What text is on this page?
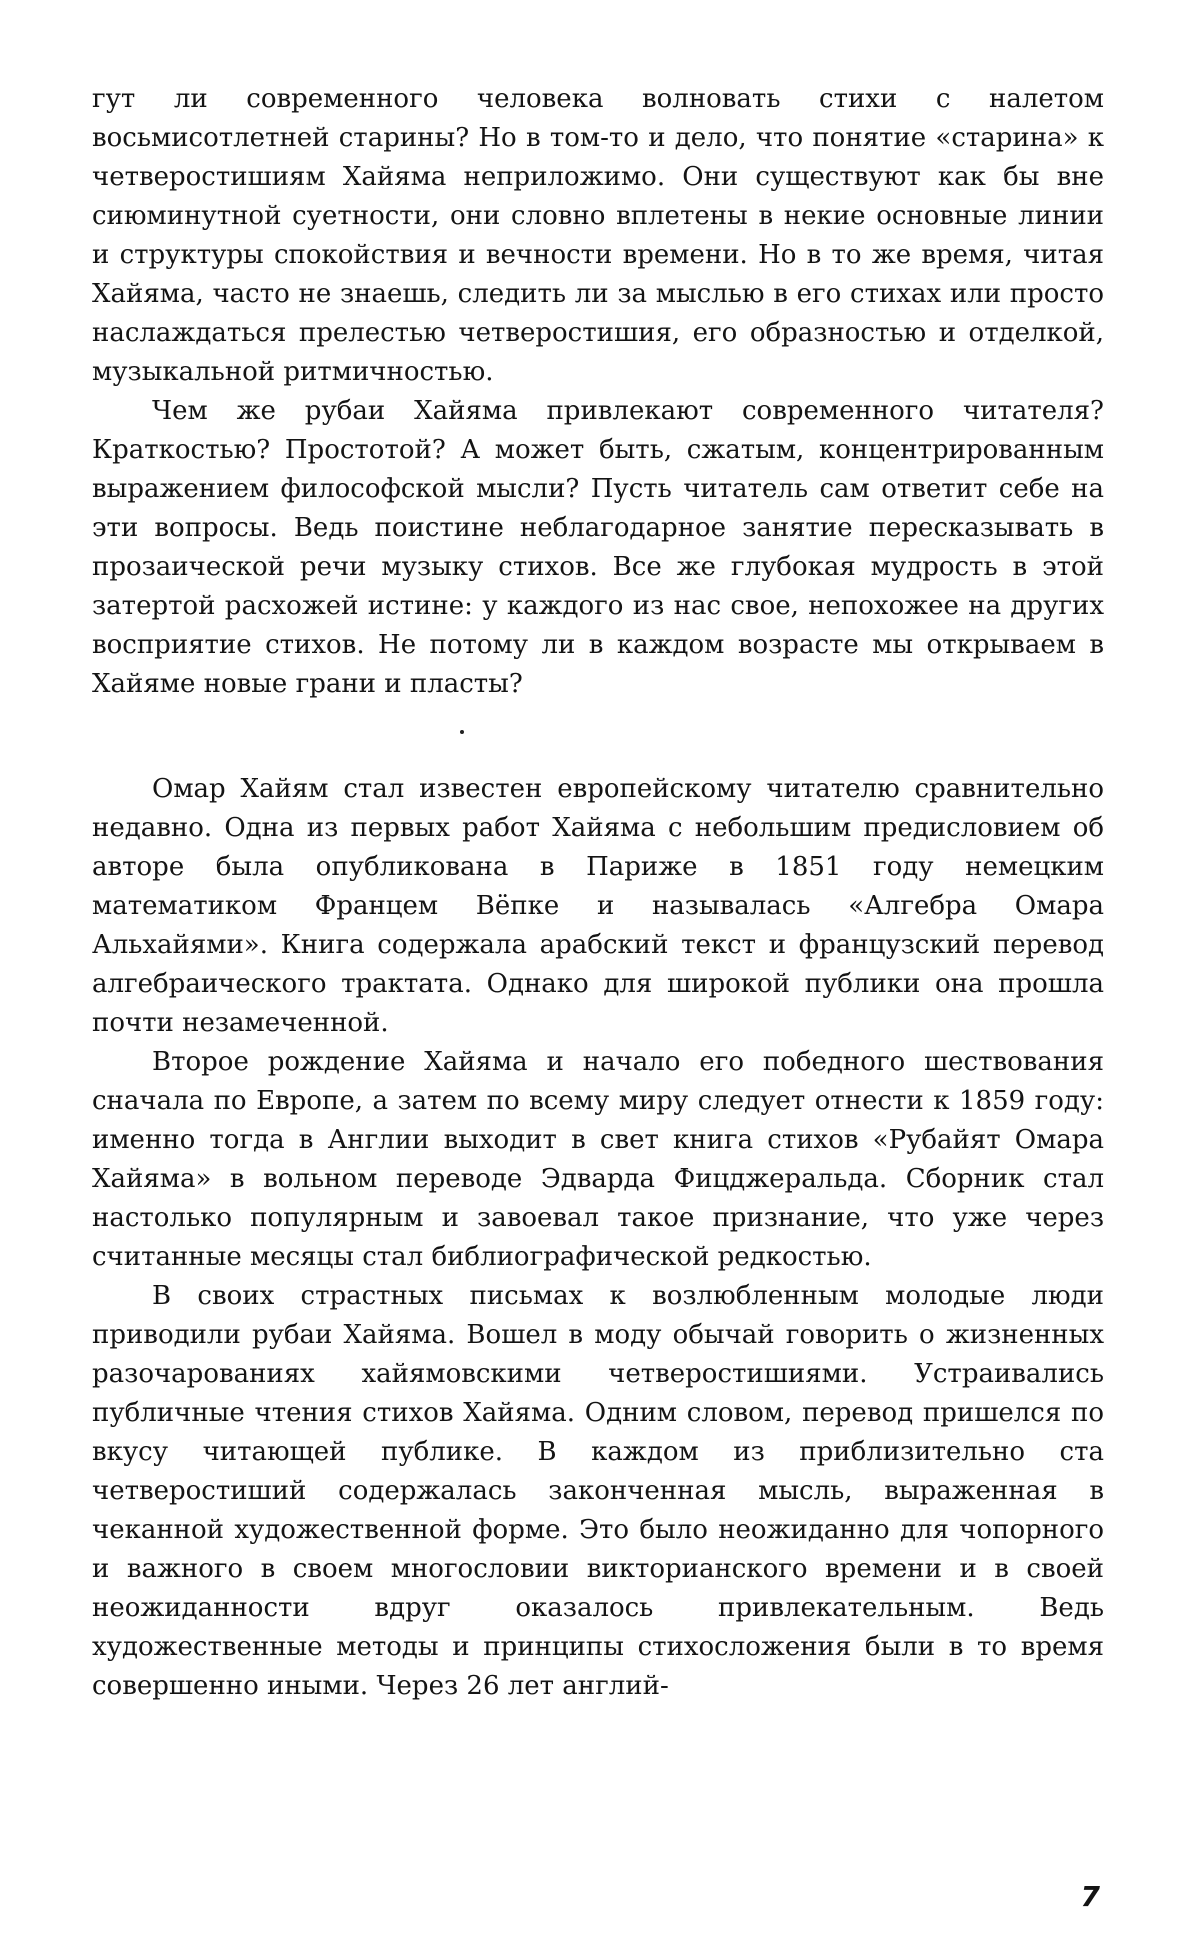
гут ли современного человека волновать стихи с налетом восьмисотлетней старины? Но в том-то и дело, что понятие «старина» к четверостишиям Хайяма неприложимо. Они существуют как бы вне сиюминутной суетности, они словно вплетены в некие основные линии и структуры спокойствия и вечности времени. Но в то же время, читая Хайяма, часто не знаешь, следить ли за мыслью в его стихах или просто наслаждаться прелестью четверостишия, его образностью и отделкой, музыкальной ритмичностью.

Чем же рубаи Хайяма привлекают современного читателя? Краткостью? Простотой? А может быть, сжатым, концентрированным выражением философской мысли? Пусть читатель сам ответит себе на эти вопросы. Ведь поистине неблагодарное занятие пересказывать в прозаической речи музыку стихов. Все же глубокая мудрость в этой затертой расхожей истине: у каждого из нас свое, непохожее на других восприятие стихов. Не потому ли в каждом возрасте мы открываем в Хайяме новые грани и пласты?

Омар Хайям стал известен европейскому читателю сравнительно недавно. Одна из первых работ Хайяма с небольшим предисловием об авторе была опубликована в Париже в 1851 году немецким математиком Францем Вёпке и называлась «Алгебра Омара Альхайями». Книга содержала арабский текст и французский перевод алгебраического трактата. Однако для широкой публики она прошла почти незамеченной.

Второе рождение Хайяма и начало его победного шествования сначала по Европе, а затем по всему миру следует отнести к 1859 году: именно тогда в Англии выходит в свет книга стихов «Рубайят Омара Хайяма» в вольном переводе Эдварда Фицджеральда. Сборник стал настолько популярным и завоевал такое признание, что уже через считанные месяцы стал библиографической редкостью.

В своих страстных письмах к возлюбленным молодые люди приводили рубаи Хайяма. Вошел в моду обычай говорить о жизненных разочарованиях хайямовскими четверостишиями. Устраивались публичные чтения стихов Хайяма. Одним словом, перевод пришелся по вкусу читающей публике. В каждом из приблизительно ста четверостиший содержалась законченная мысль, выраженная в чеканной художественной форме. Это было неожиданно для чопорного и важного в своем многословии викторианского времени и в своей неожиданности вдруг оказалось привлекательным. Ведь художественные методы и принципы стихосложения были в то время совершенно иными. Через 26 лет англий-

7
